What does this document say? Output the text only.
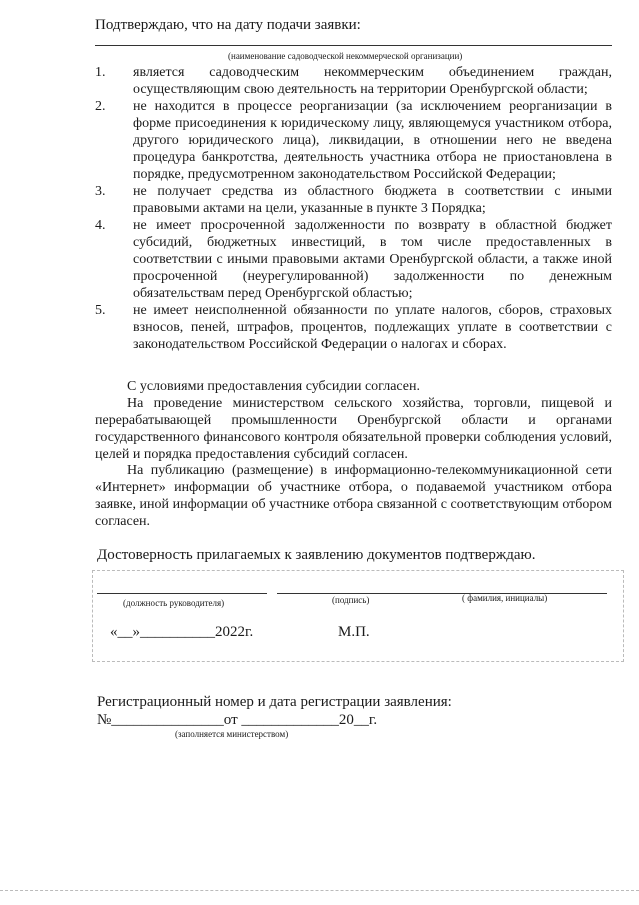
Подтверждаю, что на дату подачи заявки:
(наименование садоводческой некоммерческой организации)
1.	является садоводческим некоммерческим объединением граждан, осуществляющим свою деятельность на территории Оренбургской области;
2.	не находится в процессе реорганизации (за исключением реорганизации в форме присоединения к юридическому лицу, являющемуся участником отбора, другого юридического лица), ликвидации, в отношении него не введена процедура банкротства, деятельность участника отбора не приостановлена в порядке, предусмотренном законодательством Российской Федерации;
3.	не получает средства из областного бюджета в соответствии с иными правовыми актами на цели, указанные в пункте 3 Порядка;
4.	не имеет просроченной задолженности по возврату в областной бюджет субсидий, бюджетных инвестиций, в том числе предоставленных в соответствии с иными правовыми актами Оренбургской области, а также иной просроченной (неурегулированной) задолженности по денежным обязательствам перед Оренбургской областью;
5.	не имеет неисполненной обязанности по уплате налогов, сборов, страховых взносов, пеней, штрафов, процентов, подлежащих уплате в соответствии с законодательством Российской Федерации о налогах и сборах.
С условиями предоставления субсидии согласен.
На проведение министерством сельского хозяйства, торговли, пищевой и перерабатывающей промышленности Оренбургской области и органами государственного финансового контроля обязательной проверки соблюдения условий, целей и порядка предоставления субсидий согласен.
На публикацию (размещение) в информационно-телекоммуникационной сети «Интернет» информации об участнике отбора, о подаваемой участником отбора заявке, иной информации об участнике отбора связанной с соответствующим отбором согласен.
Достоверность прилагаемых к заявлению документов подтверждаю.
(должность руководителя)	(подпись)	( фамилия, инициалы)
«__»__________2022г.	М.П.
Регистрационный номер и дата регистрации заявления:
№_______________от _____________20__г.
(заполняется министерством)
